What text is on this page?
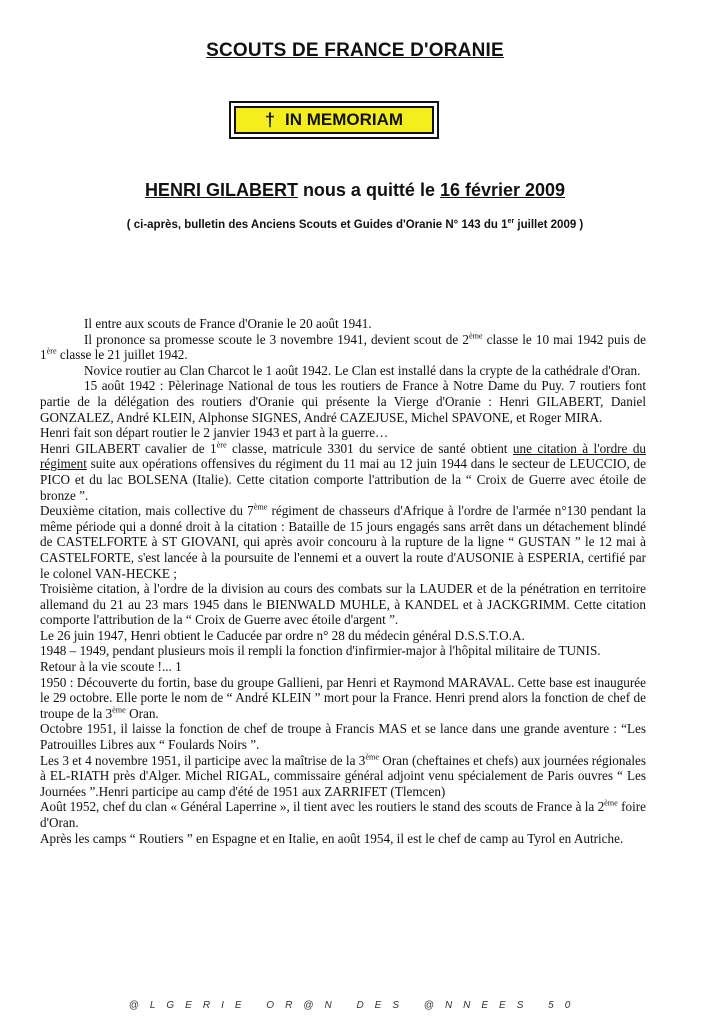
SCOUTS DE FRANCE D'ORANIE
† IN MEMORIAM
HENRI GILABERT nous a quitté le 16 février 2009
( ci-après, bulletin des Anciens Scouts et Guides d'Oranie N° 143 du 1er juillet 2009 )

Il entre aux scouts de France d'Oranie le 20 août 1941.

Il prononce sa promesse scoute le 3 novembre 1941, devient scout de 2ème classe le 10 mai 1942 puis de 1ère classe le 21 juillet 1942.

Novice routier au Clan Charcot le 1 août 1942. Le Clan est installé dans la crypte de la cathédrale d'Oran.

15 août 1942 : Pèlerinage National de tous les routiers de France à Notre Dame du Puy. 7 routiers font partie de la délégation des routiers d'Oranie qui présente la Vierge d'Oranie : Henri GILABERT, Daniel GONZALEZ, André KLEIN, Alphonse SIGNES, André CAZEJUSE, Michel SPAVONE, et Roger MIRA.

Henri fait son départ routier le 2 janvier 1943 et part à la guerre…

Henri GILABERT cavalier de 1ère classe, matricule 3301 du service de santé obtient une citation à l'ordre du régiment suite aux opérations offensives du régiment du 11 mai au 12 juin 1944 dans le secteur de LEUCCIO, de PICO et du lac BOLSENA (Italie). Cette citation comporte l'attribution de la “ Croix de Guerre avec étoile de bronze ”.

Deuxième citation, mais collective du 7ème régiment de chasseurs d'Afrique à l'ordre de l'armée n°130 pendant la même période qui a donné droit à la citation : Bataille de 15 jours engagés sans arrêt dans un détachement blindé de CASTELFORTE à ST GIOVANI, qui après avoir concouru à la rupture de la ligne “ GUSTAN ” le 12 mai à CASTELFORTE, s'est lancée à la poursuite de l'ennemi et a ouvert la route d'AUSONIE à ESPERIA, certifié par le colonel VAN-HECKE ;

Troisième citation, à l'ordre de la division au cours des combats sur la LAUDER et de la pénétration en territoire allemand du 21 au 23 mars 1945 dans le BIENWALD MUHLE, à KANDEL et à JACKGRIMM. Cette citation comporte l'attribution de la “ Croix de Guerre avec étoile d'argent ”.

Le 26 juin 1947, Henri obtient le Caducée par ordre n° 28 du médecin général D.S.S.T.O.A.

1948 – 1949, pendant plusieurs mois il rempli la fonction d'infirmier-major à l'hôpital militaire de TUNIS.

Retour à la vie scoute !... 1

1950 : Découverte du fortin, base du groupe Gallieni, par Henri et Raymond MARAVAL. Cette base est inaugurée le 29 octobre. Elle porte le nom de “ André KLEIN ” mort pour la France. Henri prend alors la fonction de chef de troupe de la 3ème Oran.

Octobre 1951, il laisse la fonction de chef de troupe à Francis MAS et se lance dans une grande aventure : “Les Patrouilles Libres aux “ Foulards Noirs ”.

Les 3 et 4 novembre 1951, il participe avec la maîtrise de la 3ème Oran (cheftaines et chefs) aux journées régionales à EL-RIATH près d'Alger. Michel RIGAL, commissaire général adjoint venu spécialement de Paris ouvres “ Les Journées ”.Henri participe au camp d'été de 1951 aux ZARRIFET (Tlemcen)

Août 1952, chef du clan « Général Laperrine », il tient avec les routiers le stand des scouts de France à la 2ème foire d'Oran.

Après les camps “ Routiers ” en Espagne et en Italie, en août 1954, il est le chef de camp au Tyrol en Autriche.

@LGERIE OR@N DES @NNEES 50
